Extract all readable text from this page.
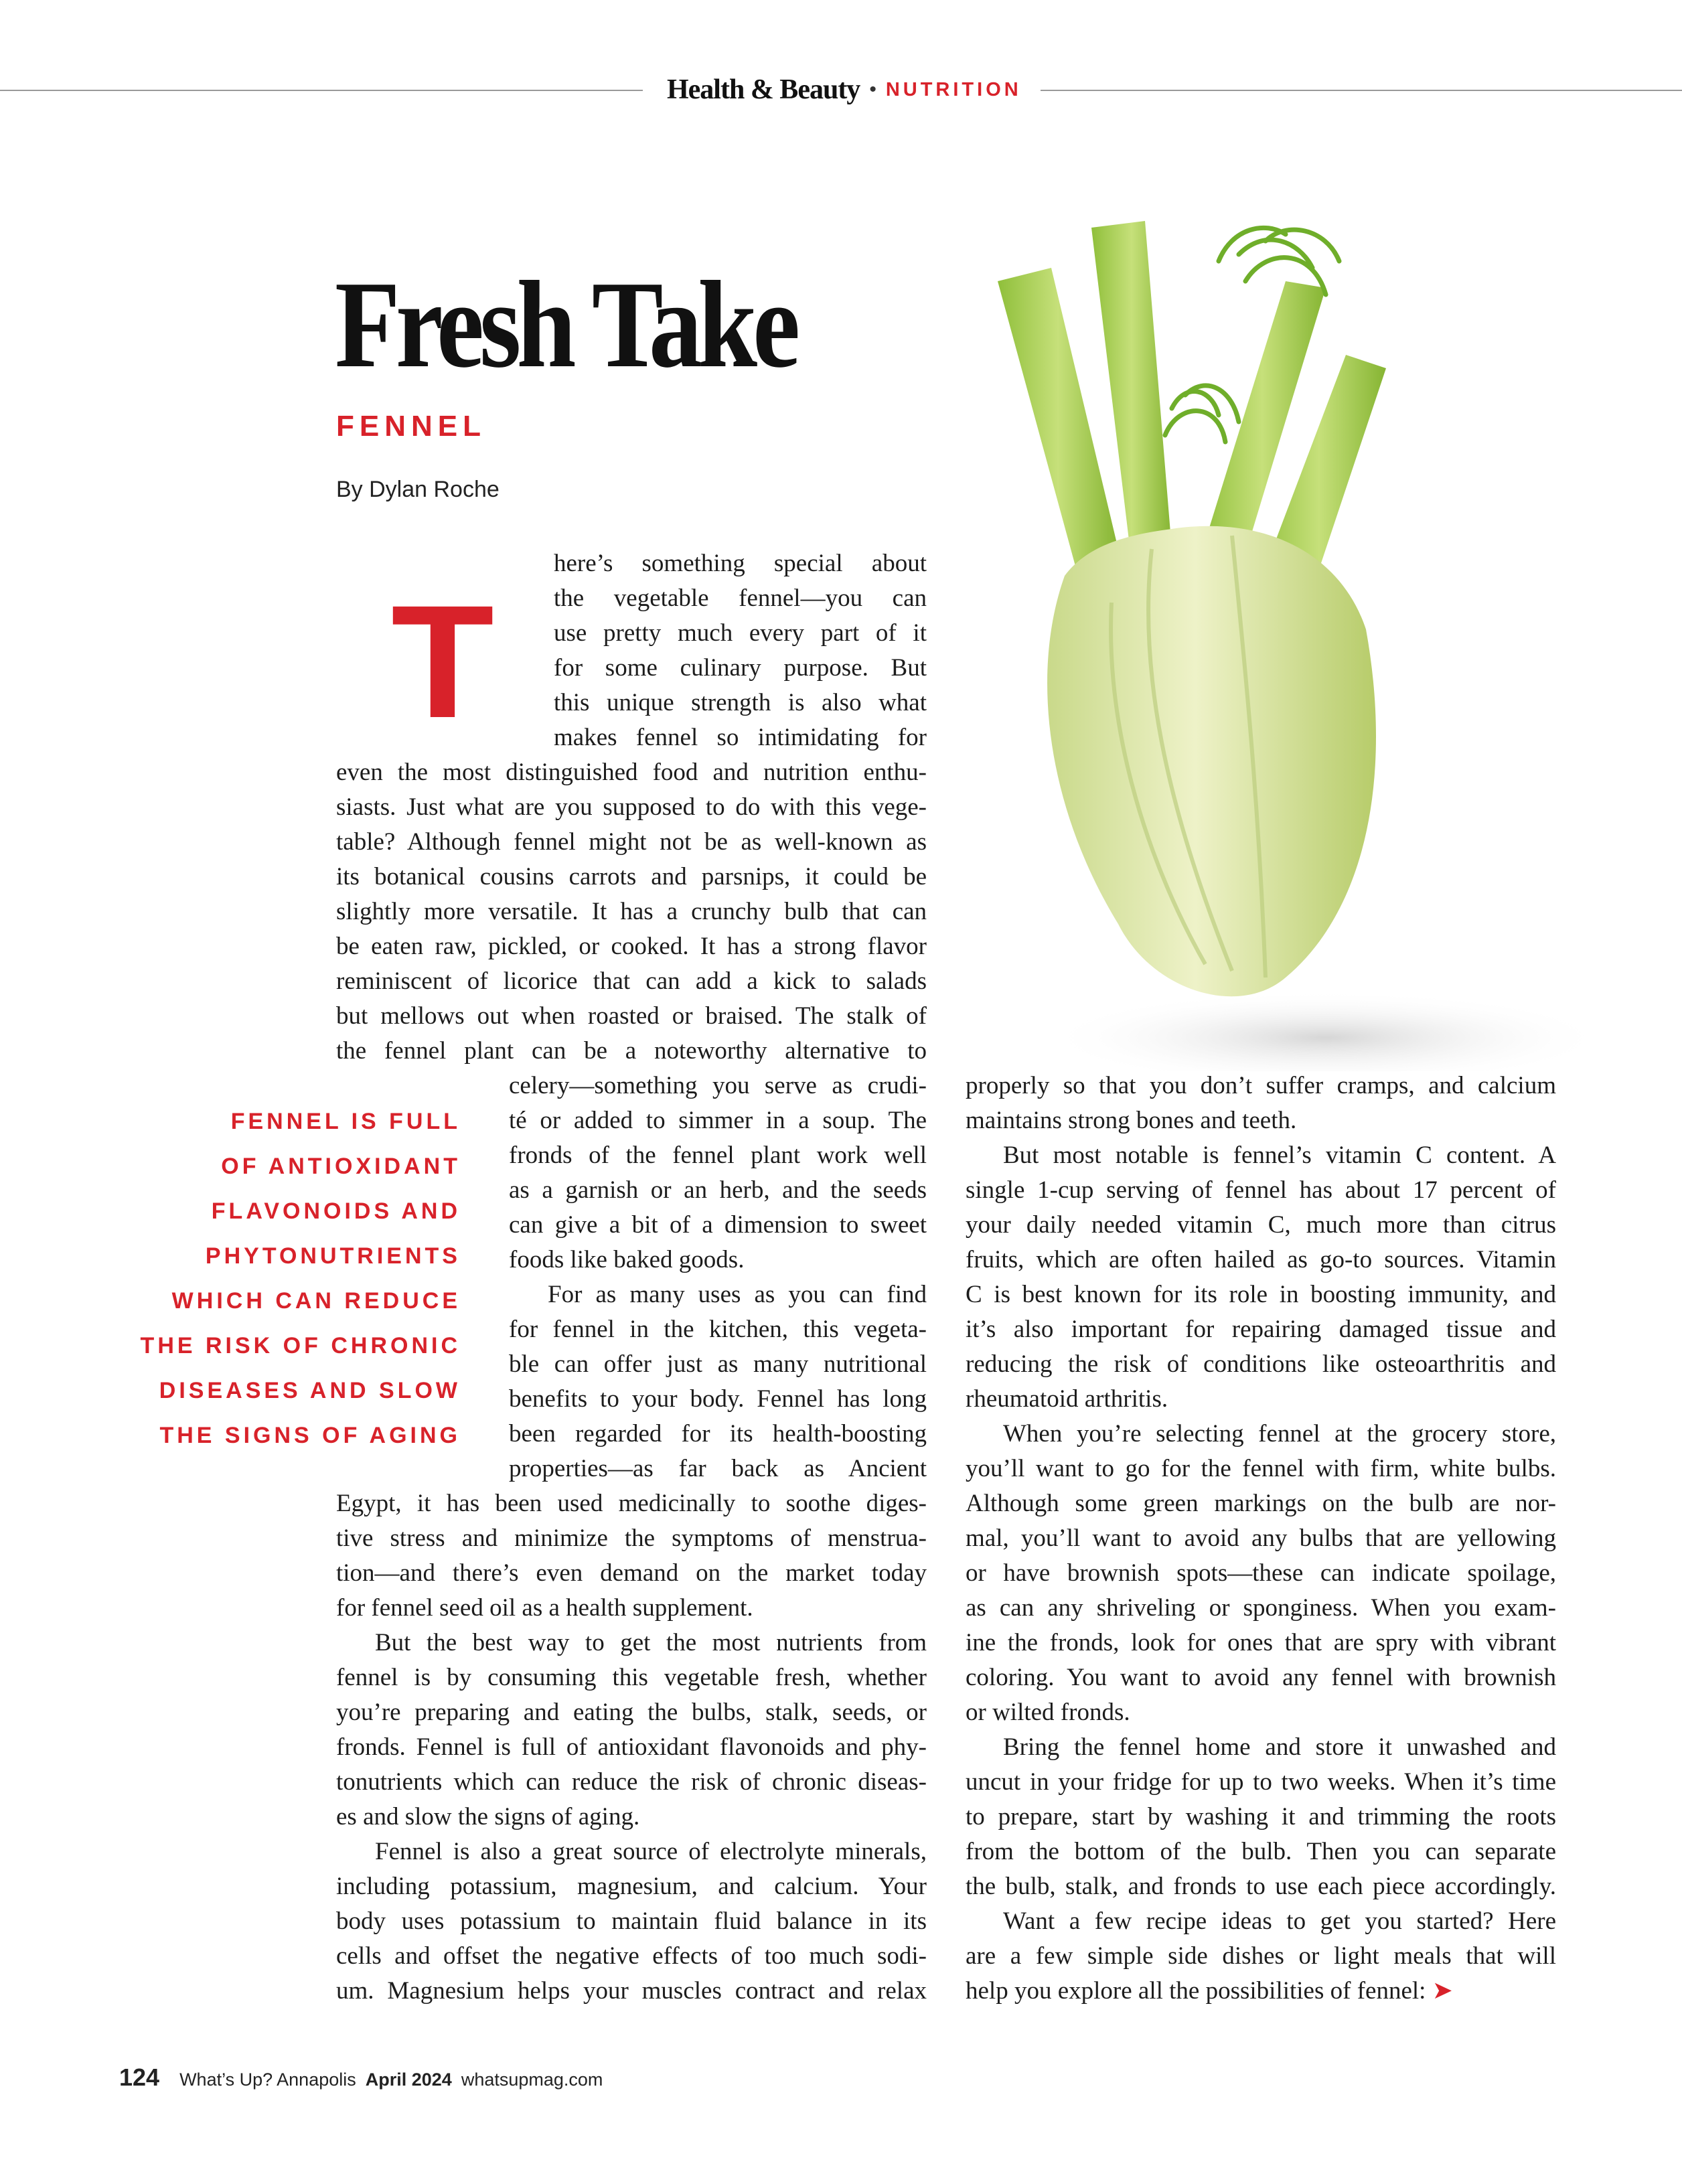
Health & Beauty • NUTRITION
Fresh Take
FENNEL
By Dylan Roche
T
here’s something special about
the vegetable fennel—you can
use pretty much every part of it
for some culinary purpose. But
this unique strength is also what
makes fennel so intimidating for
even the most distinguished food and nutrition enthu-
siasts. Just what are you supposed to do with this vege-
table? Although fennel might not be as well-known as
its botanical cousins carrots and parsnips, it could be
slightly more versatile. It has a crunchy bulb that can
be eaten raw, pickled, or cooked. It has a strong flavor
reminiscent of licorice that can add a kick to salads
but mellows out when roasted or braised. The stalk of
the fennel plant can be a noteworthy alternative to
celery—something you serve as crudi-
té or added to simmer in a soup. The
fronds of the fennel plant work well
as a garnish or an herb, and the seeds
can give a bit of a dimension to sweet
foods like baked goods.
For as many uses as you can find
for fennel in the kitchen, this vegeta-
ble can offer just as many nutritional
benefits to your body. Fennel has long
been regarded for its health-boosting
properties—as far back as Ancient
Egypt, it has been used medicinally to soothe diges-
tive stress and minimize the symptoms of menstrua-
tion—and there’s even demand on the market today
for fennel seed oil as a health supplement.
But the best way to get the most nutrients from
fennel is by consuming this vegetable fresh, whether
you’re preparing and eating the bulbs, stalk, seeds, or
fronds. Fennel is full of antioxidant flavonoids and phy-
tonutrients which can reduce the risk of chronic diseas-
es and slow the signs of aging.
Fennel is also a great source of electrolyte minerals,
including potassium, magnesium, and calcium. Your
body uses potassium to maintain fluid balance in its
cells and offset the negative effects of too much sodi-
um. Magnesium helps your muscles contract and relax
FENNEL IS FULL
OF ANTIOXIDANT
FLAVONOIDS AND
PHYTONUTRIENTS
WHICH CAN REDUCE
THE RISK OF CHRONIC
DISEASES AND SLOW
THE SIGNS OF AGING
properly so that you don’t suffer cramps, and calcium
maintains strong bones and teeth.
But most notable is fennel’s vitamin C content. A
single 1-cup serving of fennel has about 17 percent of
your daily needed vitamin C, much more than citrus
fruits, which are often hailed as go-to sources. Vitamin
C is best known for its role in boosting immunity, and
it’s also important for repairing damaged tissue and
reducing the risk of conditions like osteoarthritis and
rheumatoid arthritis.
When you’re selecting fennel at the grocery store,
you’ll want to go for the fennel with firm, white bulbs.
Although some green markings on the bulb are nor-
mal, you’ll want to avoid any bulbs that are yellowing
or have brownish spots—these can indicate spoilage,
as can any shriveling or sponginess. When you exam-
ine the fronds, look for ones that are spry with vibrant
coloring. You want to avoid any fennel with brownish
or wilted fronds.
Bring the fennel home and store it unwashed and
uncut in your fridge for up to two weeks. When it’s time
to prepare, start by washing it and trimming the roots
from the bottom of the bulb. Then you can separate
the bulb, stalk, and fronds to use each piece accordingly.
Want a few recipe ideas to get you started? Here
are a few simple side dishes or light meals that will
help you explore all the possibilities of fennel: ➤
124 What’s Up? Annapolis April 2024 whatsupmag.com
